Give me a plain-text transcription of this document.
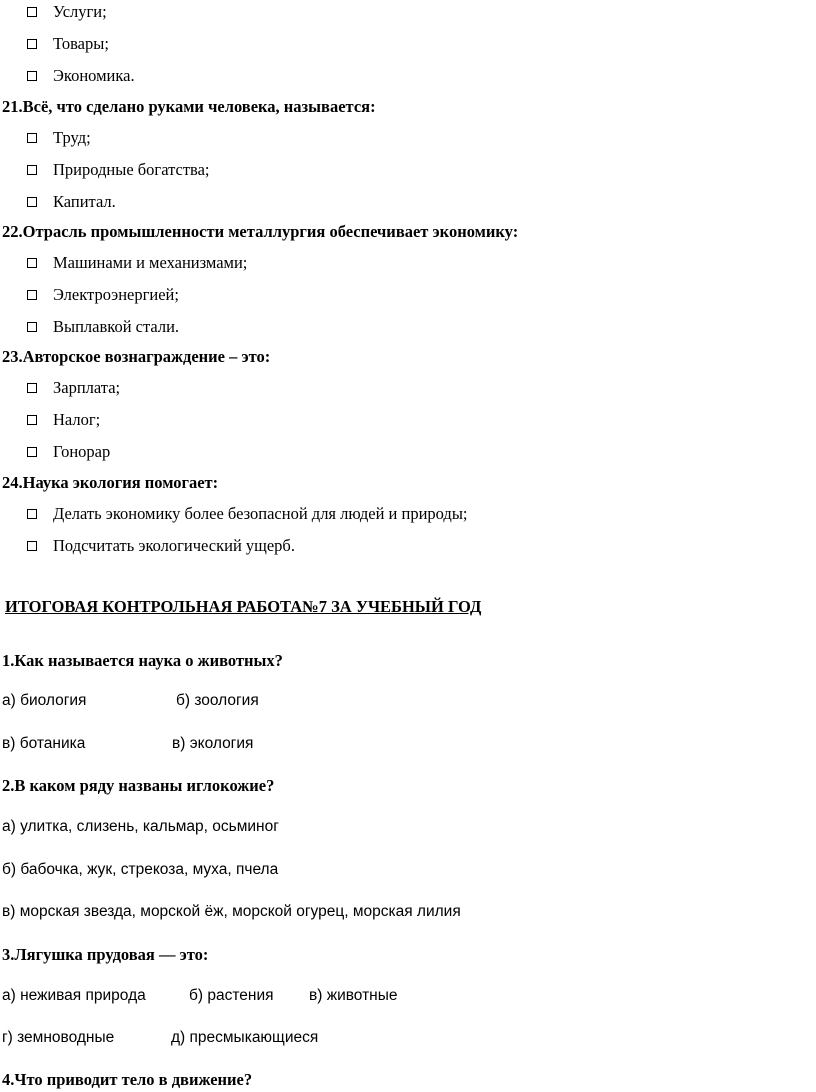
Услуги;
Товары;
Экономика.
21.Всё, что сделано руками человека, называется:
Труд;
Природные богатства;
Капитал.
22.Отрасль промышленности металлургия обеспечивает экономику:
Машинами и механизмами;
Электроэнергией;
Выплавкой стали.
23.Авторское вознаграждение – это:
Зарплата;
Налог;
Гонорар
24.Наука экология помогает:
Делать экономику более безопасной для людей и природы;
Подсчитать экологический ущерб.
ИТОГОВАЯ КОНТРОЛЬНАЯ РАБОТА№7 ЗА УЧЕБНЫЙ ГОД
1.Как называется наука о животных?
а) биология	б) зоология
в) ботаника	в) экология
2.В каком ряду названы иглокожие?
а) улитка, слизень, кальмар, осьминог
б) бабочка, жук, стрекоза, муха, пчела
в) морская звезда, морской ёж, морской огурец, морская лилия
3.Лягушка прудовая — это:
а) неживая природа	б) растения в) животные
г) земноводные	д) пресмыкающиеся
4.Что приводит тело в движение?
